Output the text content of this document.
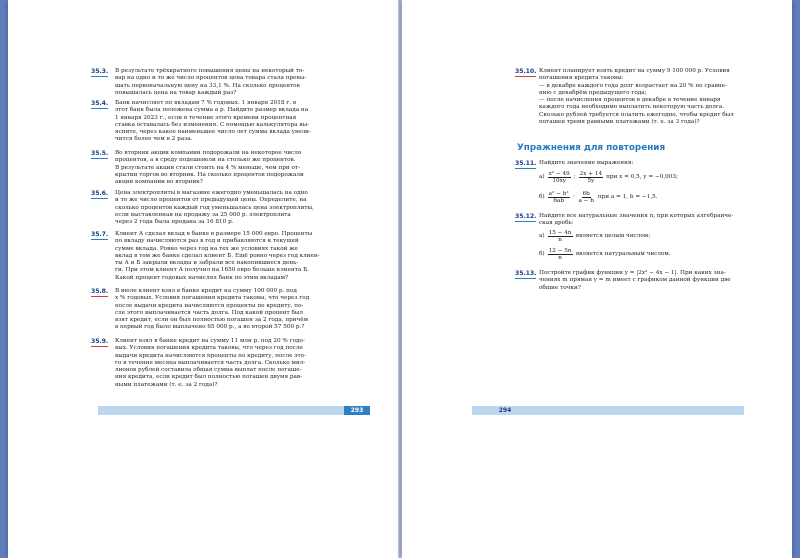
35.3. В результате трёхкратного повышения цены на некоторый то-
вар на одно и то же число процентов цена товара стала превы-
шать первоначальную цену на 33,1 %. На сколько процентов
повышалась цена на товар каждый раз?
35.4. Банк начисляет по вкладам 7 % годовых. 1 января 2018 г. в
этот банк была положена сумма a р. Найдите размер вклада на
1 января 2023 г., если в течение этого времени процентная
ставка оставалась без изменения. С помощью калькулятора вы-
ясните, через какое наименьшее число лет сумма вклада увели-
чится более чем в 2 раза.
35.5. Во вторник акции компании подорожали на некоторое число
процентов, а в среду подешевели на столько же процентов.
В результате акции стали стоить на 4 % меньше, чем при от-
крытии торгов во вторник. На сколько процентов подорожали
акции компании во вторник?
35.6. Цена электроплиты в магазине ежегодно уменьшалась на одно
и то же число процентов от предыдущей цены. Определите, на
сколько процентов каждый год уменьшалась цена электроплиты,
если выставленная на продажу за 25 000 р. электроплита
через 2 года была продана за 16 810 р.
35.7. Клиент А сделал вклад в банке в размере 15 000 евро. Проценты
по вкладу начисляются раз в год и прибавляются к текущей
сумме вклада. Ровно через год на тех же условиях такой же
вклад в том же банке сделал клиент Б. Ещё ровно через год клиен-
ты А и Б закрыли вклады и забрали все накопившиеся день-
ги. При этом клиент А получил на 1650 евро больше клиента Б.
Какой процент годовых начислял банк по этим вкладам?
35.8. В июле клиент взял в банке кредит на сумму 100 000 р. под
x % годовых. Условия погашения кредита таковы, что через год
после выдачи кредита начисляются проценты по кредиту, по-
сле этого выплачивается часть долга. Под какой процент был
взят кредит, если он был полностью погашен за 2 года, причём
в первый год было выплачено 65 000 р., а во второй 57 500 р.?
35.9. Клиент взял в банке кредит на сумму 11 млн р. под 20 % годо-
вых. Условия погашения кредита таковы, что через год после
выдачи кредита начисляются проценты по кредиту, после это-
го в течение месяца выплачивается часть долга. Сколько мил-
лионов рублей составила общая сумма выплат после погаше-
ния кредита, если кредит был полностью погашен двумя рав-
ными платежами (т. е. за 2 года)?
293
35.10. Клиент планирует взять кредит на сумму 9 100 000 р. Условия
погашения кредита таковы:
— в декабре каждого года долг возрастает на 20 % по сравне-
нию с декабрём предыдущего года;
— после начисления процентов в декабре в течение января
каждого года необходимо выплатить некоторую часть долга.
Сколько рублей требуется платить ежегодно, чтобы кредит был
погашен тремя равными платежами (т. е. за 3 года)?
Упражнения для повторения
35.11. Найдите значение выражения:
$а) \frac{\text{x² − 49}}{10xy}$ : $\frac{2x + 14}{5y}$ при x = 0,5, y = −0,003;
$б) \frac{\text{a² − b²}}{6ab} \cdot \frac{6b}{a - b}$ при a = 1, b = −1,5.
35.12. Найдите все натуральные значения n, при которых алгебраиче-
ская дробь:
$а) \frac{15 - 4n}{n}$ является целым числом;
$б) \frac{12 - 5n}{n}$ является натуральным числом.
35.13. Постройте график функции y = |2x² − 4x − 1|. При каких зна-
чениях m прямая y = m имеет с графиком данной функции две
общие точки?
294
